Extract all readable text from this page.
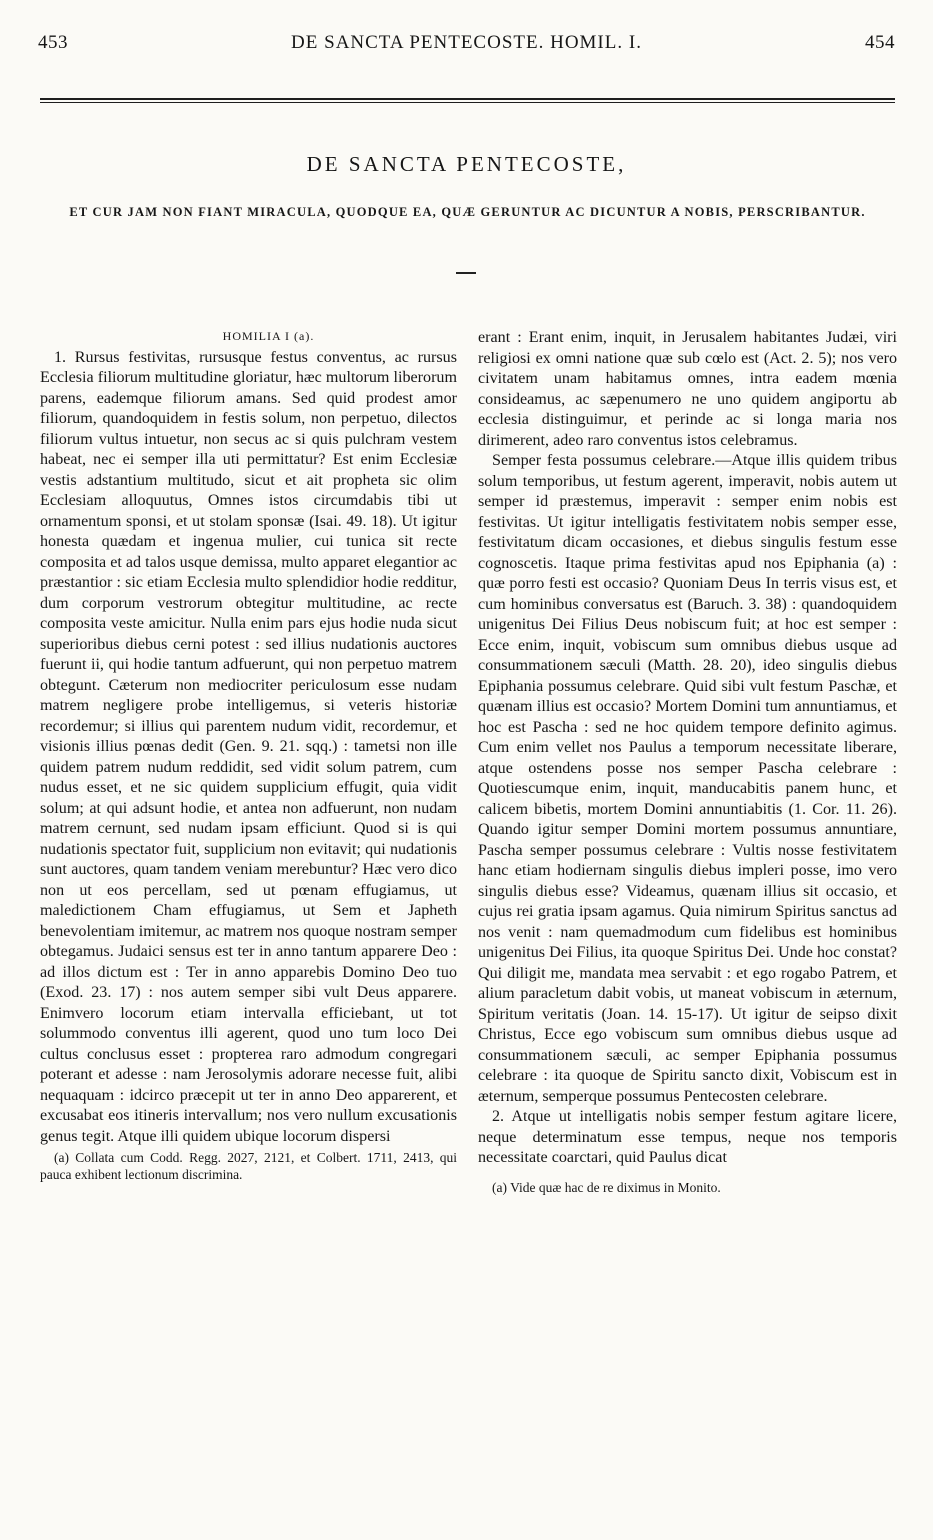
453	DE SANCTA PENTECOSTE. HOMIL. I.	454
DE SANCTA PENTECOSTE,
ET CUR JAM NON FIANT MIRACULA, QUODQUE EA, QUÆ GERUNTUR AC DICUNTUR A NOBIS, PERSCRIBANTUR.
HOMILIA I (a).

1. Rursus festivitas, rursusque festus conventus, ac rursus Ecclesia filiorum multitudine gloriatur, hæc multorum liberorum parens, eademque filiorum amans. Sed quid prodest amor filiorum, quandoquidem in festis solum, non perpetuo, dilectos filiorum vultus intuetur, non secus ac si quis pulchram vestem habeat, nec ei semper illa uti permittatur? Est enim Ecclesiæ vestis adstantium multitudo, sicut et ait propheta sic olim Ecclesiam alloquutus, Omnes istos circumdabis tibi ut ornamentum sponsi, et ut stolam sponsæ (Isai. 49. 18). Ut igitur honesta quædam et ingenua mulier, cui tunica sit recte composita et ad talos usque demissa, multo apparet elegantior ac præstantior : sic etiam Ecclesia multo splendidior hodie redditur, dum corporum vestrorum obtegitur multitudine, ac recte composita veste amicitur. Nulla enim pars ejus hodie nuda sicut superioribus diebus cerni potest : sed illius nudationis auctores fuerunt ii, qui hodie tantum adfuerunt, qui non perpetuo matrem obtegunt. Cæterum non mediocriter periculosum esse nudam matrem negligere probe intelligemus, si veteris historiæ recordemur; si illius qui parentem nudum vidit, recordemur, et visionis illius pœnas dedit (Gen. 9. 21. sqq.) : tametsi non ille quidem patrem nudum reddidit, sed vidit solum patrem, cum nudus esset, et ne sic quidem supplicium effugit, quia vidit solum; at qui adsunt hodie, et antea non adfuerunt, non nudam matrem cernunt, sed nudam ipsam efficiunt. Quod si is qui nudationis spectator fuit, supplicium non evitavit; qui nudationis sunt auctores, quam tandem veniam merebuntur? Hæc vero dico non ut eos percellam, sed ut pœnam effugiamus, ut maledictionem Cham effugiamus, ut Sem et Japheth benevolentiam imitemur, ac matrem nos quoque nostram semper obtegamus. Judaici sensus est ter in anno tantum apparere Deo : ad illos dictum est : Ter in anno apparebis Domino Deo tuo (Exod. 23. 17) : nos autem semper sibi vult Deus apparere. Enimvero locorum etiam intervalla efficiebant, ut tot solummodo conventus illi agerent, quod uno tum loco Dei cultus conclusus esset : propterea raro admodum congregari poterant et adesse : nam Jerosolymis adorare necesse fuit, alibi nequaquam : idcirco præcepit ut ter in anno Deo apparerent, et excusabat eos itineris intervallum; nos vero nullum excusationis genus tegit. Atque illi quidem ubique locorum dispersi

(a) Collata cum Codd. Regg. 2027, 2121, et Colbert. 1711, 2413, qui pauca exhibent lectionum discrimina.

erant : Erant enim, inquit, in Jerusalem habitantes Judæi, viri religiosi ex omni natione quæ sub cœlo est (Act. 2. 5); nos vero civitatem unam habitamus omnes, intra eadem mœnia consideamus, ac sæpenumero ne uno quidem angiportu ab ecclesia distinguimur, et perinde ac si longa maria nos dirimerent, adeo raro conventus istos celebramus.

Semper festa possumus celebrare.—Atque illis quidem tribus solum temporibus, ut festum agerent, imperavit, nobis autem ut semper id præstemus, imperavit : semper enim nobis est festivitas. Ut igitur intelligatis festivitatem nobis semper esse, festivitatum dicam occasiones, et diebus singulis festum esse cognoscetis. Itaque prima festivitas apud nos Epiphania (a) : quæ porro festi est occasio? Quoniam Deus In terris visus est, et cum hominibus conversatus est (Baruch. 3. 38) : quandoquidem unigenitus Dei Filius Deus nobiscum fuit; at hoc est semper : Ecce enim, inquit, vobiscum sum omnibus diebus usque ad consummationem sæculi (Matth. 28. 20), ideo singulis diebus Epiphania possumus celebrare. Quid sibi vult festum Paschæ, et quænam illius est occasio? Mortem Domini tum annuntiamus, et hoc est Pascha : sed ne hoc quidem tempore definito agimus. Cum enim vellet nos Paulus a temporum necessitate liberare, atque ostendens posse nos semper Pascha celebrare : Quotiescumque enim, inquit, manducabitis panem hunc, et calicem bibetis, mortem Domini annuntiabitis (1. Cor. 11. 26). Quando igitur semper Domini mortem possumus annuntiare, Pascha semper possumus celebrare : Vultis nosse festivitatem hanc etiam hodiernam singulis diebus impleri posse, imo vero singulis diebus esse? Videamus, quænam illius sit occasio, et cujus rei gratia ipsam agamus. Quia nimirum Spiritus sanctus ad nos venit : nam quemadmodum cum fidelibus est hominibus unigenitus Dei Filius, ita quoque Spiritus Dei. Unde hoc constat? Qui diligit me, mandata mea servabit : et ego rogabo Patrem, et alium paracletum dabit vobis, ut maneat vobiscum in æternum, Spiritum veritatis (Joan. 14. 15-17). Ut igitur de seipso dixit Christus, Ecce ego vobiscum sum omnibus diebus usque ad consummationem sæculi, ac semper Epiphania possumus celebrare : ita quoque de Spiritu sancto dixit, Vobiscum est in æternum, semperque possumus Pentecosten celebrare.

2. Atque ut intelligatis nobis semper festum agitare licere, neque determinatum esse tempus, neque nos temporis necessitate coarctari, quid Paulus dicat

(a) Vide quæ hac de re diximus in Monito.
